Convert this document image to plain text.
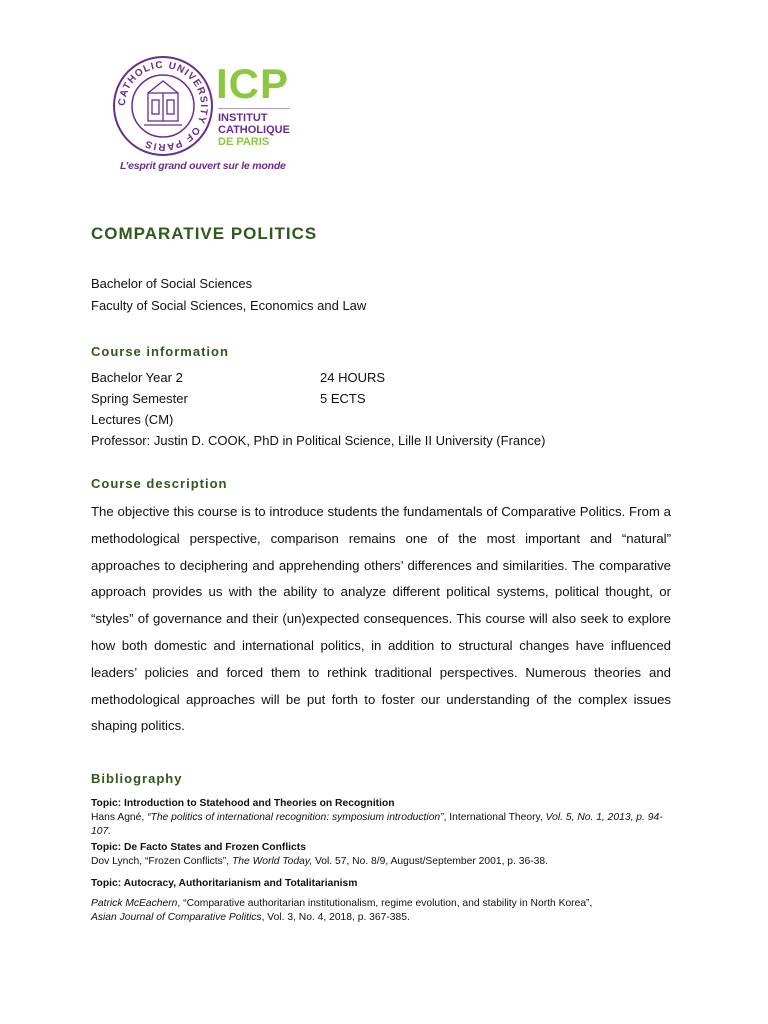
CATHOLIC UNIVERSITY OF PARIS
ICP
INSTITUT
CATHOLIQUE
DE PARIS
L’esprit grand ouvert sur le monde
COMPARATIVE POLITICS
Bachelor of Social Sciences
Faculty of Social Sciences, Economics and Law
Course information
Bachelor Year 2	24 HOURS
Spring Semester	5 ECTS
Lectures (CM)
Professor: Justin D. COOK, PhD in Political Science, Lille II University (France)
Course description

The objective this course is to introduce students the fundamentals of Comparative Politics. From a methodological perspective, comparison remains one of the most important and “natural” approaches to deciphering and apprehending others’ differences and similarities. The comparative approach provides us with the ability to analyze different political systems, political thought, or “styles” of governance and their (un)expected consequences. This course will also seek to explore how both domestic and international politics, in addition to structural changes have influenced leaders’ policies and forced them to rethink traditional perspectives. Numerous theories and methodological approaches will be put forth to foster our understanding of the complex issues shaping politics.

Bibliography
Topic: Introduction to Statehood and Theories on Recognition
Hans Agné, “The politics of international recognition: symposium introduction”, International Theory, Vol. 5, No. 1, 2013, p. 94-107.
Topic: De Facto States and Frozen Conflicts
Dov Lynch, “Frozen Conflicts”, The World Today, Vol. 57, No. 8/9, August/September 2001, p. 36-38.
Topic: Autocracy, Authoritarianism and Totalitarianism
Patrick McEachern, “Comparative authoritarian institutionalism, regime evolution, and stability in North Korea”,
Asian Journal of Comparative Politics, Vol. 3, No. 4, 2018, p. 367-385.
